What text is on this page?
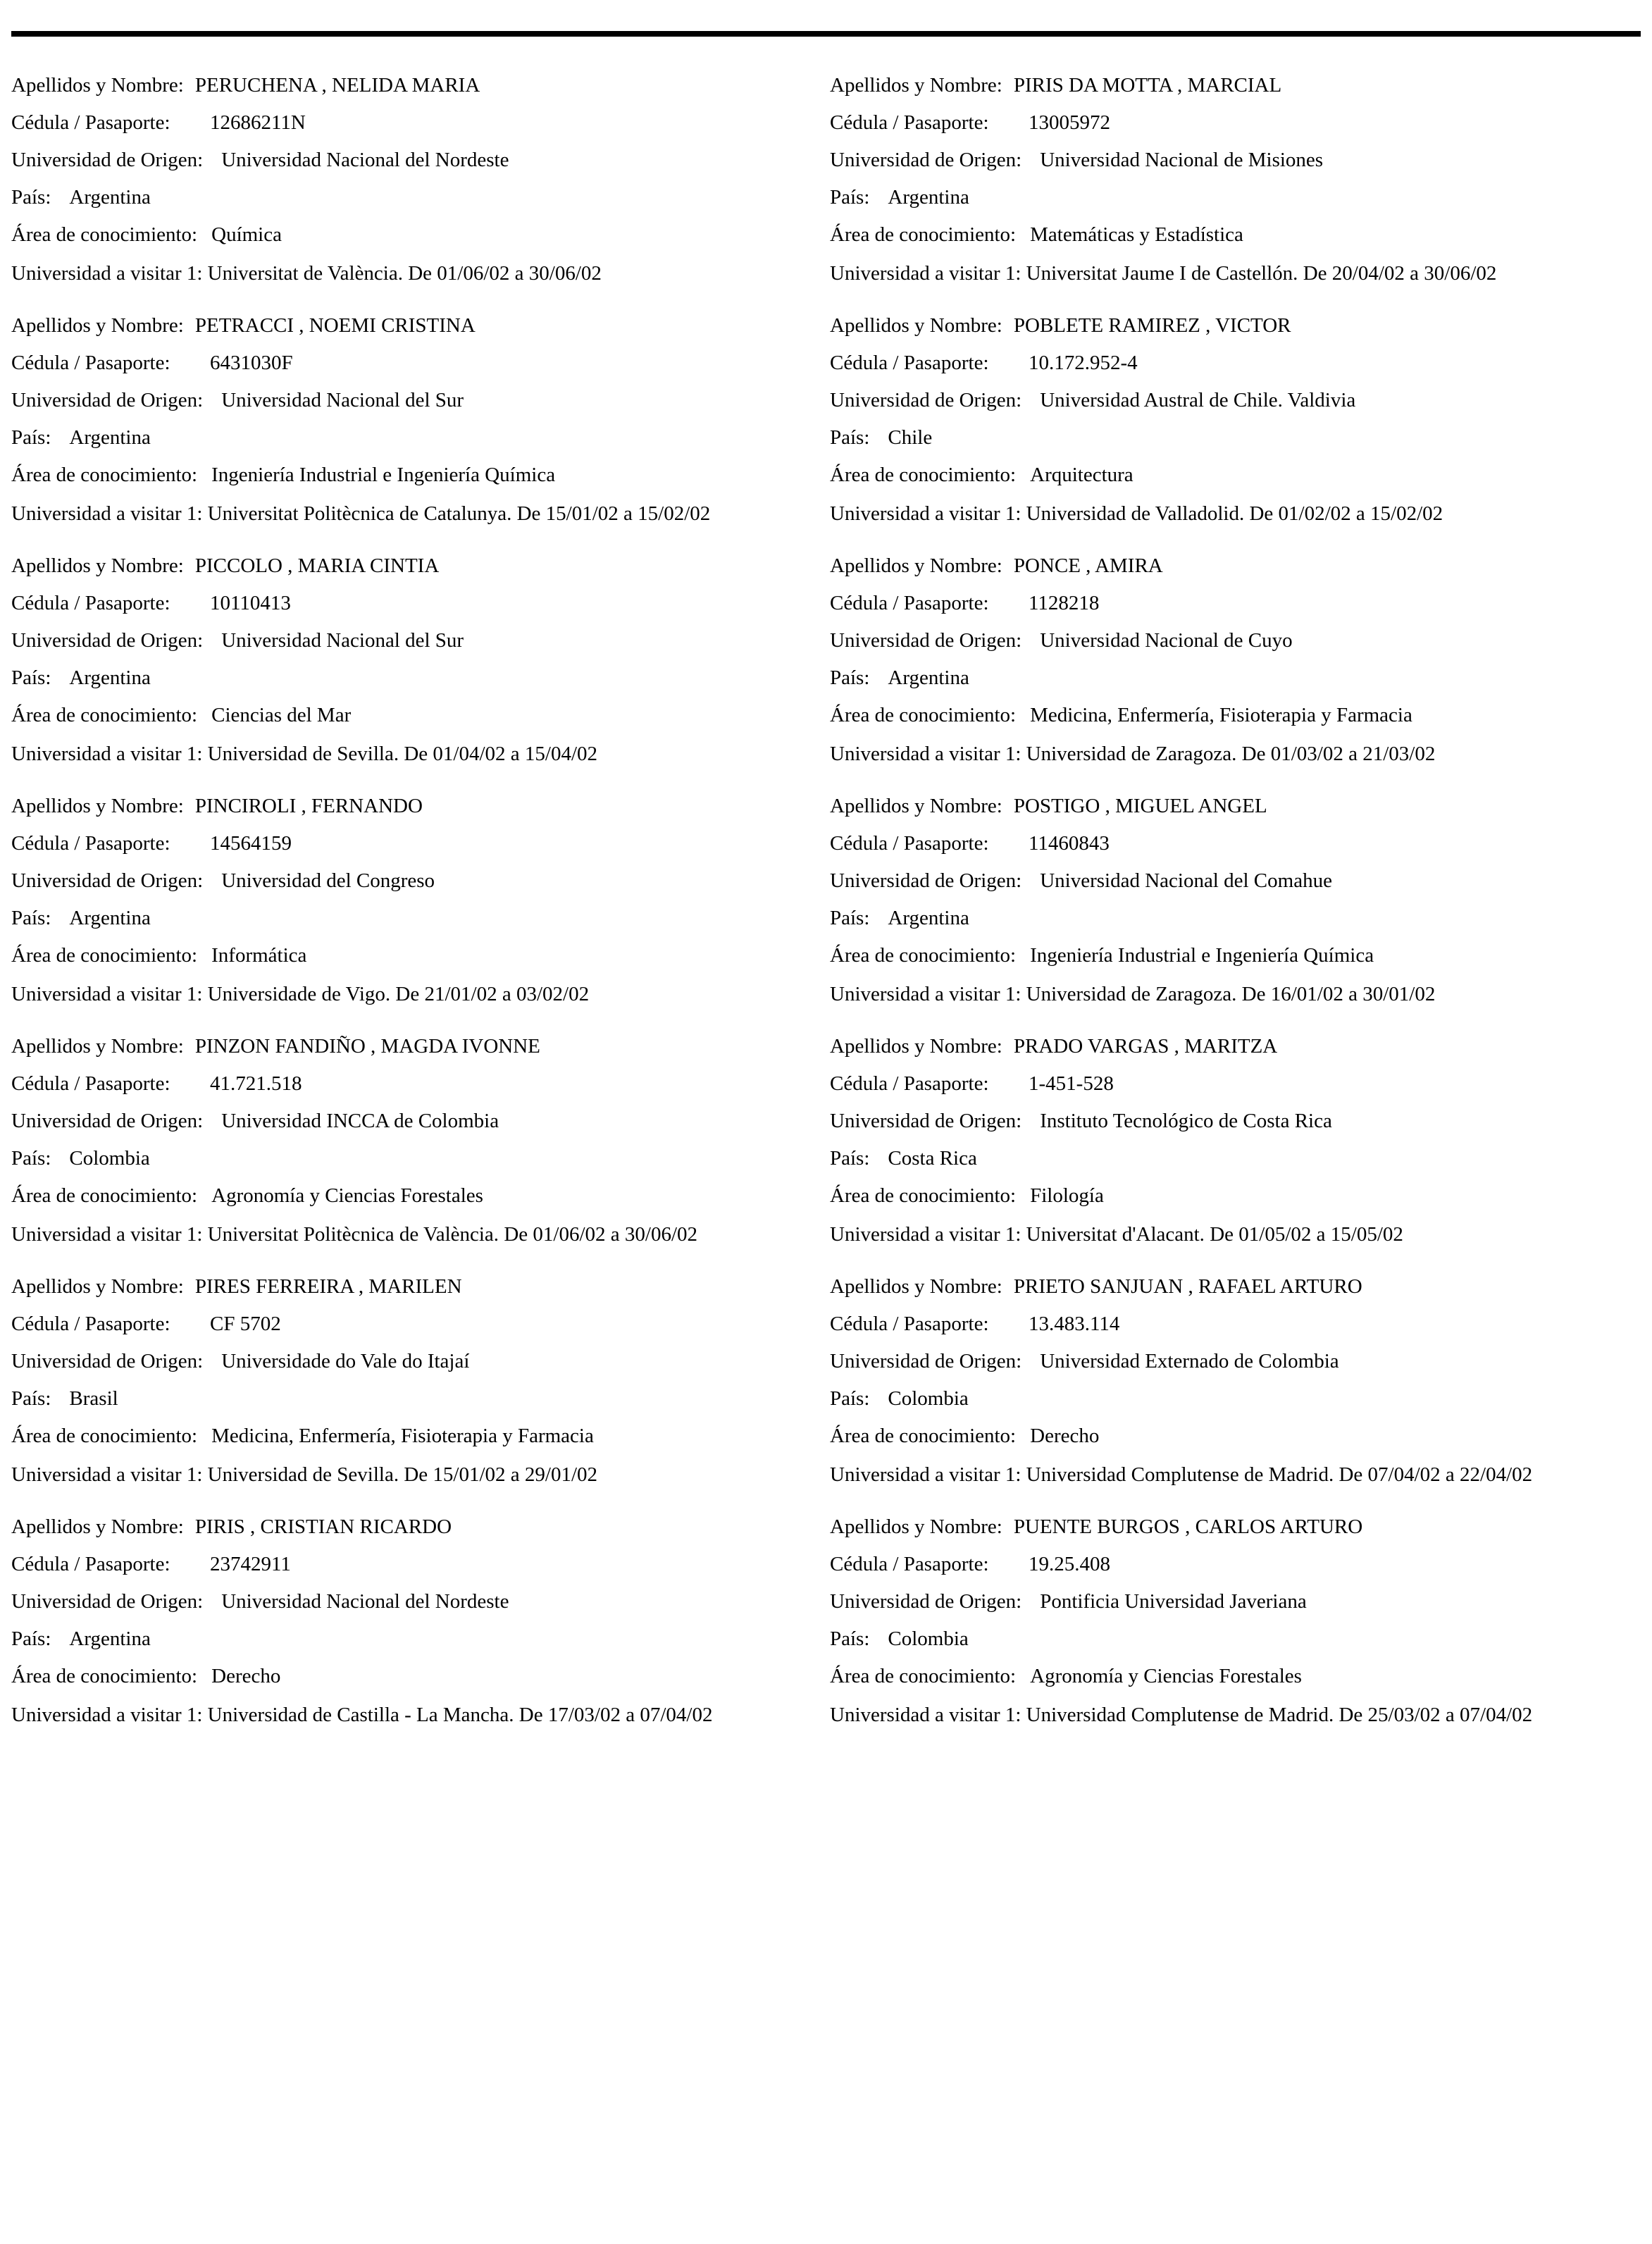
Apellidos y Nombre: PERUCHENA , NELIDA MARIA
Cédula / Pasaporte:	12686211N
Universidad de Origen: Universidad Nacional del Nordeste
País: Argentina
Área de conocimiento: Química
Universidad a visitar 1: Universitat de València. De 01/06/02 a 30/06/02
Apellidos y Nombre: PETRACCI , NOEMI CRISTINA
Cédula / Pasaporte:	6431030F
Universidad de Origen: Universidad Nacional del Sur
País: Argentina
Área de conocimiento: Ingeniería Industrial e Ingeniería Química
Universidad a visitar 1: Universitat Politècnica de Catalunya. De 15/01/02 a 15/02/02
Apellidos y Nombre: PICCOLO , MARIA CINTIA
Cédula / Pasaporte:	10110413
Universidad de Origen: Universidad Nacional del Sur
País: Argentina
Área de conocimiento: Ciencias del Mar
Universidad a visitar 1: Universidad de Sevilla. De 01/04/02 a 15/04/02
Apellidos y Nombre: PINCIROLI , FERNANDO
Cédula / Pasaporte:	14564159
Universidad de Origen: Universidad del Congreso
País: Argentina
Área de conocimiento: Informática
Universidad a visitar 1: Universidade de Vigo. De 21/01/02 a 03/02/02
Apellidos y Nombre: PINZON FANDIÑO , MAGDA IVONNE
Cédula / Pasaporte:	41.721.518
Universidad de Origen: Universidad INCCA de Colombia
País: Colombia
Área de conocimiento: Agronomía y Ciencias Forestales
Universidad a visitar 1: Universitat Politècnica de València. De 01/06/02 a 30/06/02
Apellidos y Nombre: PIRES FERREIRA , MARILEN
Cédula / Pasaporte:	CF 5702
Universidad de Origen: Universidade do Vale do Itajaí
País: Brasil
Área de conocimiento: Medicina, Enfermería, Fisioterapia y Farmacia
Universidad a visitar 1: Universidad de Sevilla. De 15/01/02 a 29/01/02
Apellidos y Nombre: PIRIS , CRISTIAN RICARDO
Cédula / Pasaporte:	23742911
Universidad de Origen: Universidad Nacional del Nordeste
País: Argentina
Área de conocimiento: Derecho
Universidad a visitar 1: Universidad de Castilla - La Mancha. De 17/03/02 a 07/04/02
Apellidos y Nombre: PIRIS DA MOTTA , MARCIAL
Cédula / Pasaporte:	13005972
Universidad de Origen: Universidad Nacional de Misiones
País: Argentina
Área de conocimiento: Matemáticas y Estadística
Universidad a visitar 1: Universitat Jaume I de Castellón. De 20/04/02 a 30/06/02
Apellidos y Nombre: POBLETE RAMIREZ , VICTOR
Cédula / Pasaporte:	10.172.952-4
Universidad de Origen: Universidad Austral de Chile. Valdivia
País: Chile
Área de conocimiento: Arquitectura
Universidad a visitar 1: Universidad de Valladolid. De 01/02/02 a 15/02/02
Apellidos y Nombre: PONCE , AMIRA
Cédula / Pasaporte:	1128218
Universidad de Origen: Universidad Nacional de Cuyo
País: Argentina
Área de conocimiento: Medicina, Enfermería, Fisioterapia y Farmacia
Universidad a visitar 1: Universidad de Zaragoza. De 01/03/02 a 21/03/02
Apellidos y Nombre: POSTIGO , MIGUEL ANGEL
Cédula / Pasaporte:	11460843
Universidad de Origen: Universidad Nacional del Comahue
País: Argentina
Área de conocimiento: Ingeniería Industrial e Ingeniería Química
Universidad a visitar 1: Universidad de Zaragoza. De 16/01/02 a 30/01/02
Apellidos y Nombre: PRADO VARGAS , MARITZA
Cédula / Pasaporte:	1-451-528
Universidad de Origen: Instituto Tecnológico de Costa Rica
País: Costa Rica
Área de conocimiento: Filología
Universidad a visitar 1: Universitat d'Alacant. De 01/05/02 a 15/05/02
Apellidos y Nombre: PRIETO SANJUAN , RAFAEL ARTURO
Cédula / Pasaporte:	13.483.114
Universidad de Origen: Universidad Externado de Colombia
País: Colombia
Área de conocimiento: Derecho
Universidad a visitar 1: Universidad Complutense de Madrid. De 07/04/02 a 22/04/02
Apellidos y Nombre: PUENTE BURGOS , CARLOS ARTURO
Cédula / Pasaporte:	19.25.408
Universidad de Origen: Pontificia Universidad Javeriana
País: Colombia
Área de conocimiento: Agronomía y Ciencias Forestales
Universidad a visitar 1: Universidad Complutense de Madrid. De 25/03/02 a 07/04/02
